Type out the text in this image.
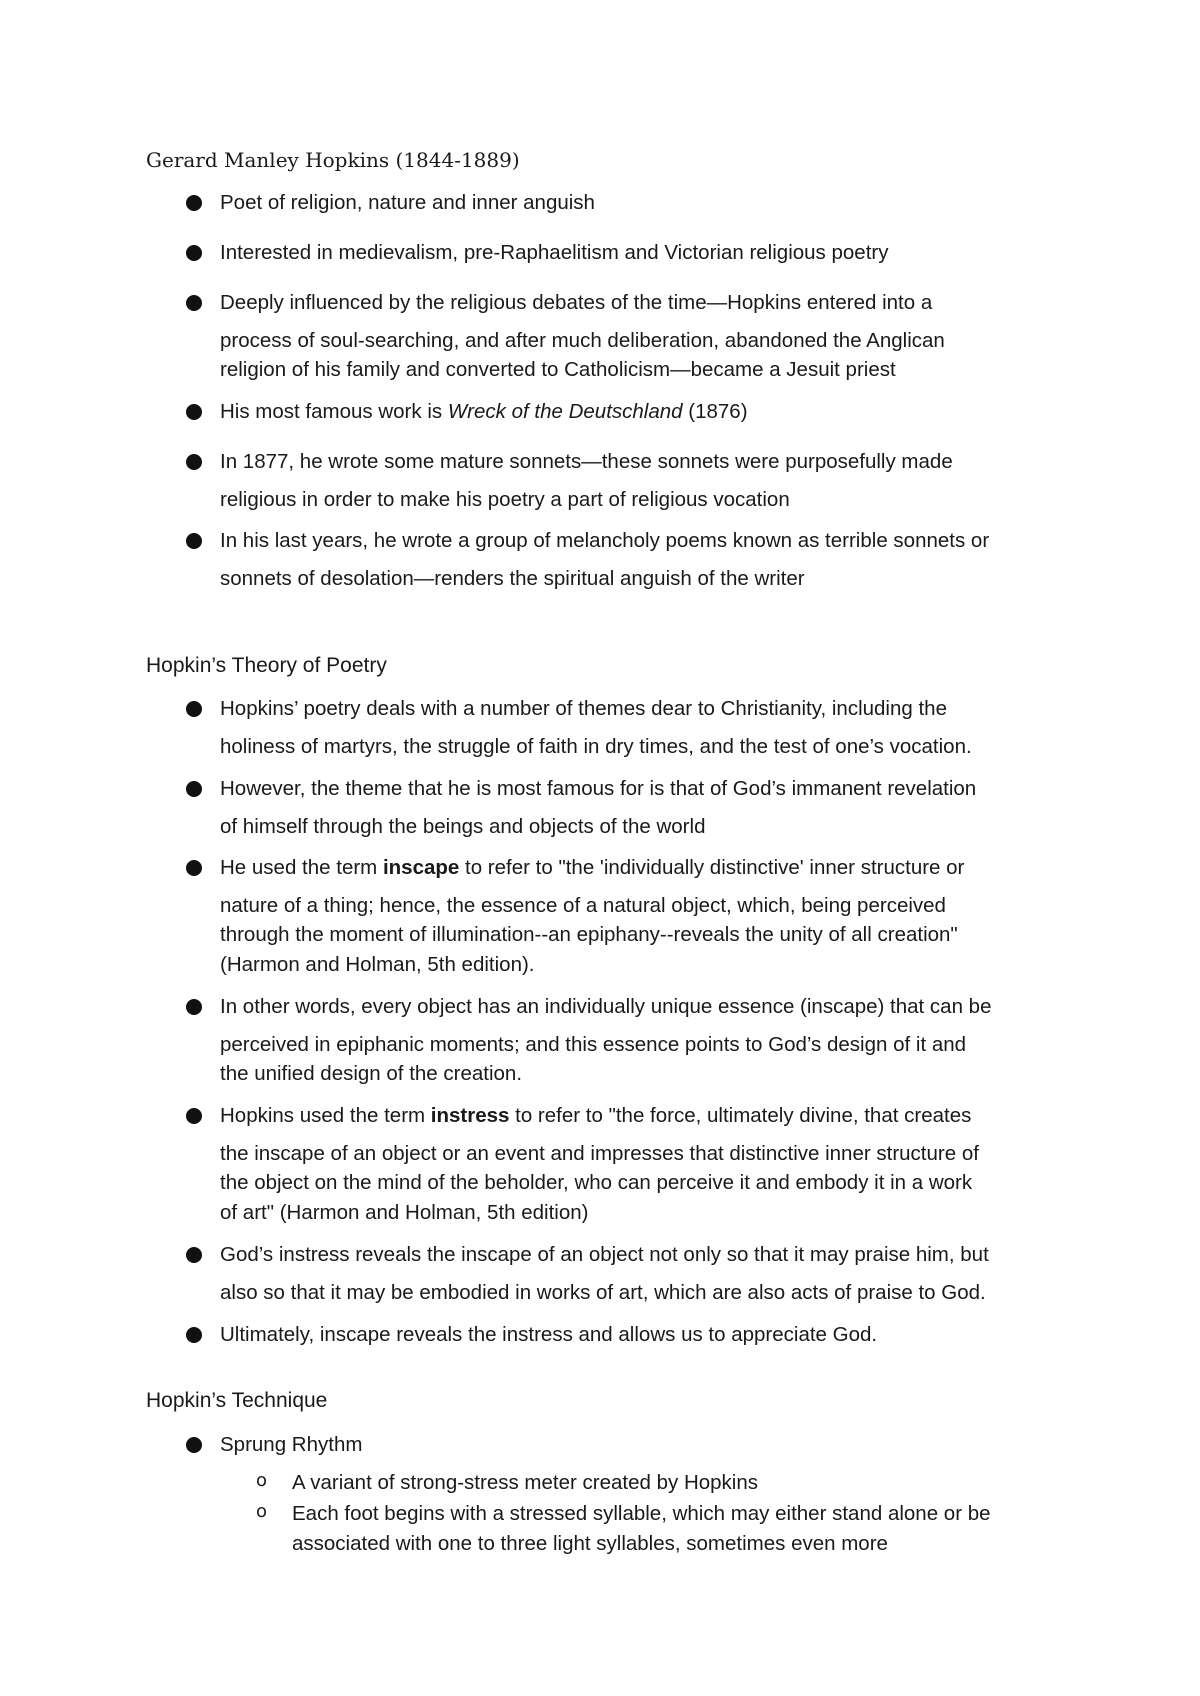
Gerard Manley Hopkins (1844-1889)
Poet of religion, nature and inner anguish
Interested in medievalism, pre-Raphaelitism and Victorian religious poetry
Deeply influenced by the religious debates of the time—Hopkins entered into a
process of soul-searching, and after much deliberation, abandoned the Anglican
religion of his family and converted to Catholicism—became a Jesuit priest
His most famous work is Wreck of the Deutschland (1876)
In 1877, he wrote some mature sonnets—these sonnets were purposefully made
religious in order to make his poetry a part of religious vocation
In his last years, he wrote a group of melancholy poems known as terrible sonnets or
sonnets of desolation—renders the spiritual anguish of the writer
Hopkin’s Theory of Poetry
Hopkins’ poetry deals with a number of themes dear to Christianity, including the
holiness of martyrs, the struggle of faith in dry times, and the test of one’s vocation.
However, the theme that he is most famous for is that of God’s immanent revelation
of himself through the beings and objects of the world
He used the term inscape to refer to "the 'individually distinctive' inner structure or
nature of a thing; hence, the essence of a natural object, which, being perceived
through the moment of illumination--an epiphany--reveals the unity of all creation"
(Harmon and Holman, 5th edition).
In other words, every object has an individually unique essence (inscape) that can be
perceived in epiphanic moments; and this essence points to God’s design of it and
the unified design of the creation.
Hopkins used the term instress to refer to "the force, ultimately divine, that creates
the inscape of an object or an event and impresses that distinctive inner structure of
the object on the mind of the beholder, who can perceive it and embody it in a work
of art" (Harmon and Holman, 5th edition)
God’s instress reveals the inscape of an object not only so that it may praise him, but
also so that it may be embodied in works of art, which are also acts of praise to God.
Ultimately, inscape reveals the instress and allows us to appreciate God.
Hopkin’s Technique
Sprung Rhythm
o A variant of strong-stress meter created by Hopkins
o Each foot begins with a stressed syllable, which may either stand alone or be
associated with one to three light syllables, sometimes even more
